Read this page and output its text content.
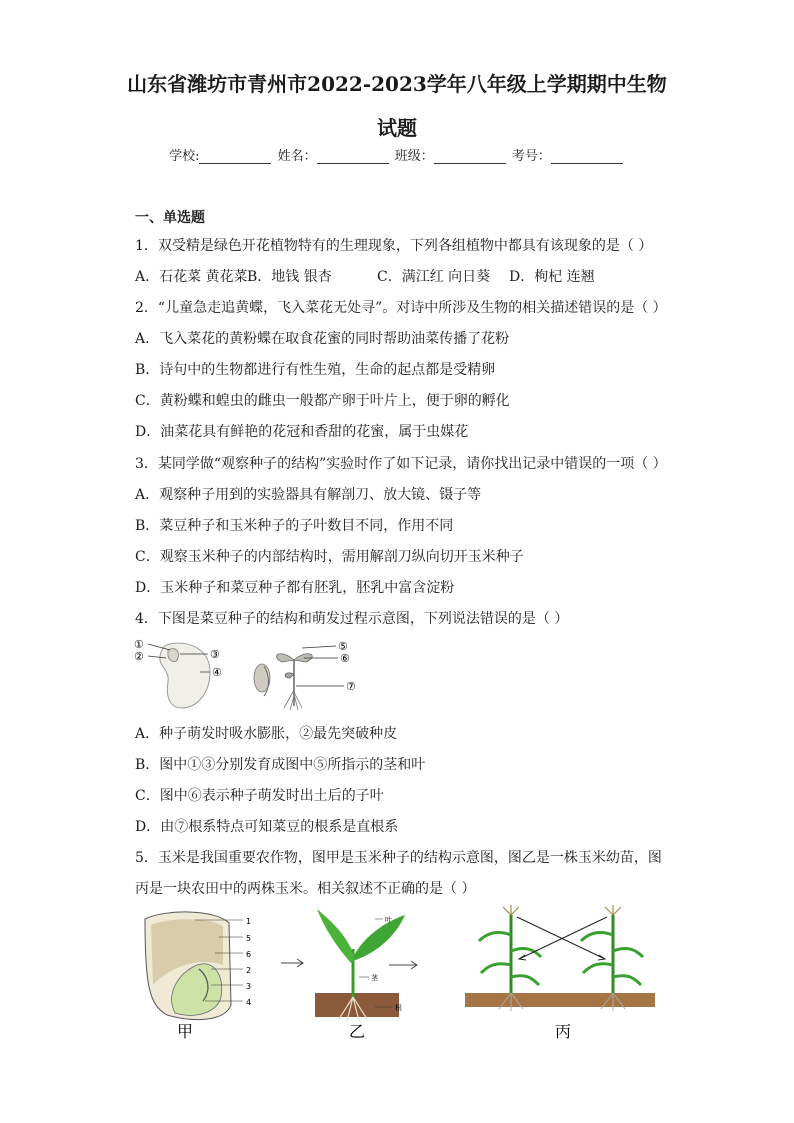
山东省潍坊市青州市2022-2023学年八年级上学期期中生物
试题
学校:	姓名：	班级：	考号：
一、单选题
1．双受精是绿色开花植物特有的生理现象，下列各组植物中都具有该现象的是（ ）
A．石花菜 黄花菜B．地钱 银杏	C．满江红 向日葵 D．枸杞 连翘
2．“儿童急走追黄蝶，飞入菜花无处寻”。对诗中所涉及生物的相关描述错误的是（ ）
A．飞入菜花的黄粉蝶在取食花蜜的同时帮助油菜传播了花粉
B．诗句中的生物都进行有性生殖，生命的起点都是受精卵
C．黄粉蝶和蝗虫的雌虫一般都产卵于叶片上，便于卵的孵化
D．油菜花具有鲜艳的花冠和香甜的花蜜，属于虫媒花
3．某同学做“观察种子的结构”实验时作了如下记录，请你找出记录中错误的一项（ ）
A．观察种子用到的实验器具有解剖刀、放大镜、镊子等
B．菜豆种子和玉米种子的子叶数目不同，作用不同
C．观察玉米种子的内部结构时，需用解剖刀纵向切开玉米种子
D．玉米种子和菜豆种子都有胚乳，胚乳中富含淀粉
4．下图是菜豆种子的结构和萌发过程示意图，下列说法错误的是（ ）
①
②	③
④
⑤
⑥
⑦
A．种子萌发时吸水膨胀，②最先突破种皮
B．图中①③分别发育成图中⑤所指示的茎和叶
C．图中⑥表示种子萌发时出土后的子叶
D．由⑦根系特点可知菜豆的根系是直根系
5．玉米是我国重要农作物，图甲是玉米种子的结构示意图，图乙是一株玉米幼苗，图
丙是一块农田中的两株玉米。相关叙述不正确的是（ ）
1
5
6
2
3
4
甲
叶
茎
根
乙	丙
